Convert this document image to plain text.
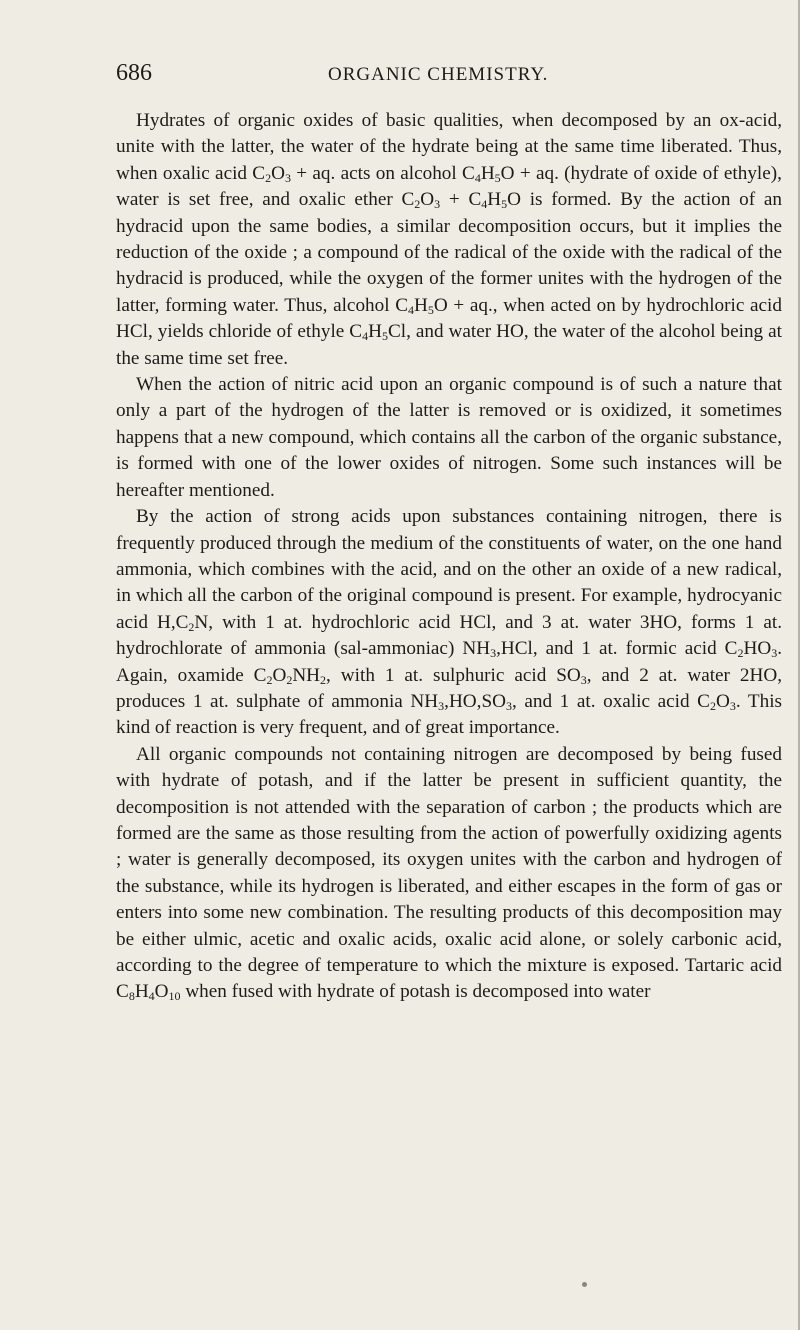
686	ORGANIC CHEMISTRY.

Hydrates of organic oxides of basic qualities, when decomposed by an ox-acid, unite with the latter, the water of the hydrate being at the same time liberated. Thus, when oxalic acid $C_2O_3$ + aq. acts on alcohol $C_4H_5O$ + aq. (hydrate of oxide of ethyle), water is set free, and oxalic ether $C_2O_3 + C_4H_5O$ is formed. By the action of an hydracid upon the same bodies, a similar decomposition occurs, but it implies the reduction of the oxide ; a compound of the radical of the oxide with the radical of the hydracid is produced, while the oxygen of the former unites with the hydrogen of the latter, forming water. Thus, alcohol $C_4H_5O$ + aq., when acted on by hydrochloric acid HCl, yields chloride of ethyle $C_4H_5Cl$, and water HO, the water of the alcohol being at the same time set free.

When the action of nitric acid upon an organic compound is of such a nature that only a part of the hydrogen of the latter is removed or is oxidized, it sometimes happens that a new compound, which contains all the carbon of the organic substance, is formed with one of the lower oxides of nitrogen. Some such instances will be hereafter mentioned.

By the action of strong acids upon substances containing nitrogen, there is frequently produced through the medium of the constituents of water, on the one hand ammonia, which combines with the acid, and on the other an oxide of a new radical, in which all the carbon of the original compound is present. For example, hydrocyanic acid $H,C_2N$, with 1 at. hydrochloric acid HCl, and 3 at. water 3HO, forms 1 at. hydrochlorate of ammonia (sal-ammoniac) $NH_3,HCl$, and 1 at. formic acid $C_2HO_3$. Again, oxamide $C_2O_2NH_2$, with 1 at. sulphuric acid $SO_3$, and 2 at. water 2HO, produces 1 at. sulphate of ammonia $NH_3,HO,SO_3$, and 1 at. oxalic acid $C_2O_3$. This kind of reaction is very frequent, and of great importance.

All organic compounds not containing nitrogen are decomposed by being fused with hydrate of potash, and if the latter be present in sufficient quantity, the decomposition is not attended with the separation of carbon ; the products which are formed are the same as those resulting from the action of powerfully oxidizing agents ; water is generally decomposed, its oxygen unites with the carbon and hydrogen of the substance, while its hydrogen is liberated, and either escapes in the form of gas or enters into some new combination. The resulting products of this decomposition may be either ulmic, acetic and oxalic acids, oxalic acid alone, or solely carbonic acid, according to the degree of temperature to which the mixture is exposed. Tartaric acid $C_8H_4O_{10}$ when fused with hydrate of potash is decomposed into water
